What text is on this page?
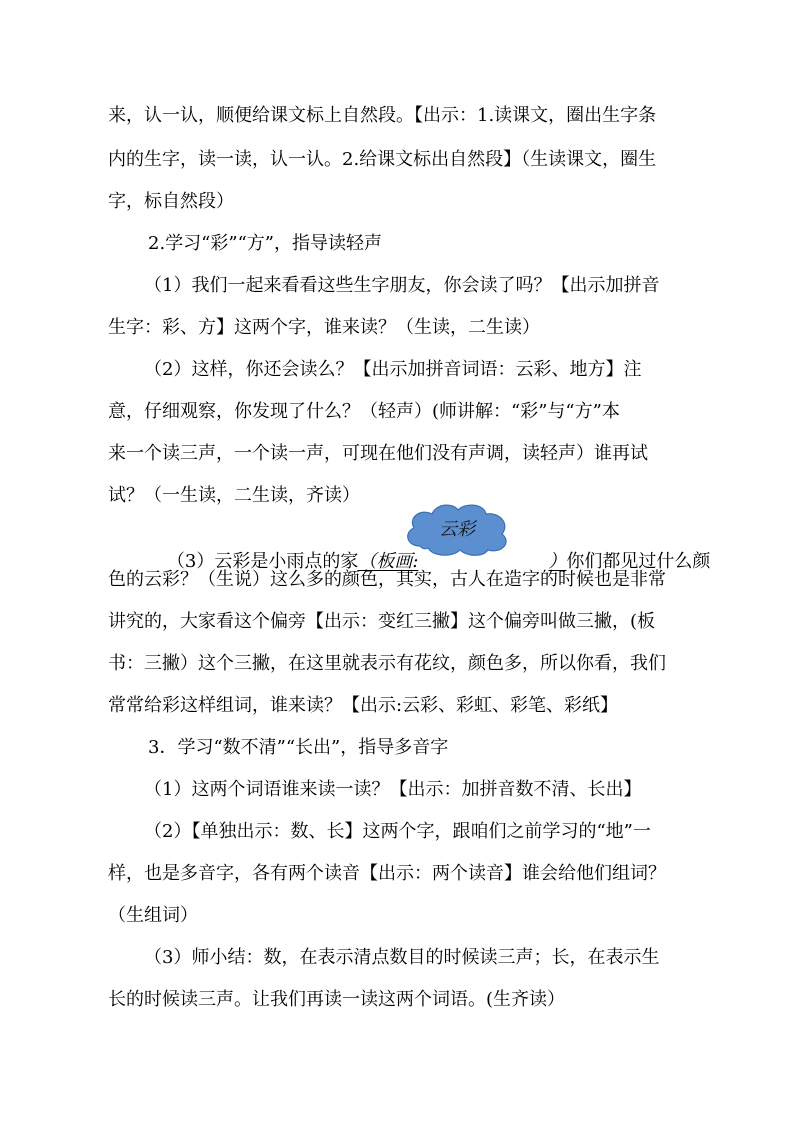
来，认一认，顺便给课文标上自然段。【出示：1.读课文，圈出生字条
内的生字，读一读，认一认。2.给课文标出自然段】（生读课文，圈生
字，标自然段）
2.学习“彩”“方”，指导读轻声
（1）我们一起来看看这些生字朋友，你会读了吗？【出示加拼音
生字：彩、方】这两个字，谁来读？（生读，二生读）
（2）这样，你还会读么？【出示加拼音词语：云彩、地方】注
意，仔细观察，你发现了什么？（轻声）(师讲解：“彩”与“方”本
来一个读三声，一个读一声，可现在他们没有声调，读轻声）谁再试
试？（一生读，二生读，齐读）

（3）云彩是小雨点的家（板画:	）你们都见过什么颜

云彩
色的云彩？（生说）这么多的颜色，其实，古人在造字的时候也是非常
讲究的，大家看这个偏旁【出示：变红三撇】这个偏旁叫做三撇，(板
书：三撇）这个三撇，在这里就表示有花纹，颜色多，所以你看，我们
常常给彩这样组词，谁来读？【出示:云彩、彩虹、彩笔、彩纸】
3．学习“数不清”“长出”，指导多音字
（1）这两个词语谁来读一读？【出示：加拼音数不清、长出】
（2）【单独出示：数、长】这两个字，跟咱们之前学习的“地”一
样，也是多音字，各有两个读音【出示：两个读音】谁会给他们组词？
（生组词）
（3）师小结：数，在表示清点数目的时候读三声；长，在表示生
长的时候读三声。让我们再读一读这两个词语。(生齐读）
